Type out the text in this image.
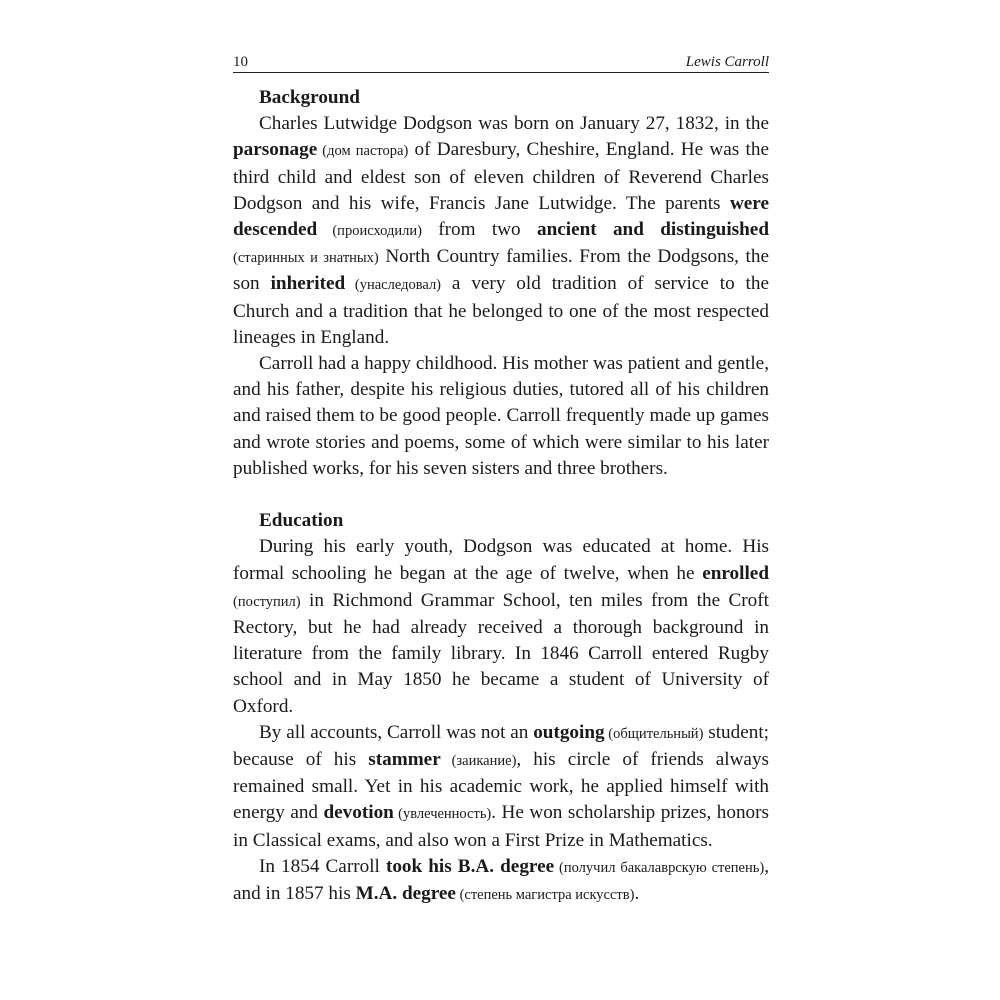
10	Lewis Carroll
Background

Charles Lutwidge Dodgson was born on January 27, 1832, in the parsonage (дом пастора) of Daresbury, Cheshire, England. He was the third child and eldest son of eleven children of Reverend Charles Dodgson and his wife, Francis Jane Lutwidge. The parents were descended (происходили) from two ancient and distinguished (старинных и знатных) North Country families. From the Dodgsons, the son inherited (унаследовал) a very old tradition of service to the Church and a tradition that he belonged to one of the most respected lineages in England.

Carroll had a happy childhood. His mother was patient and gentle, and his father, despite his religious duties, tutored all of his children and raised them to be good people. Carroll frequently made up games and wrote stories and poems, some of which were similar to his later published works, for his seven sisters and three brothers.

Education

During his early youth, Dodgson was educated at home. His formal schooling he began at the age of twelve, when he enrolled (поступил) in Richmond Grammar School, ten miles from the Croft Rectory, but he had already received a thorough background in literature from the family library. In 1846 Carroll entered Rugby school and in May 1850 he became a student of University of Oxford.

By all accounts, Carroll was not an outgoing (общительный) student; because of his stammer (заикание), his circle of friends always remained small. Yet in his academic work, he applied himself with energy and devotion (увлеченность). He won scholarship prizes, honors in Classical exams, and also won a First Prize in Mathematics.

In 1854 Carroll took his B.A. degree (получил бакалаврскую степень), and in 1857 his M.A. degree (степень магистра искусств).
